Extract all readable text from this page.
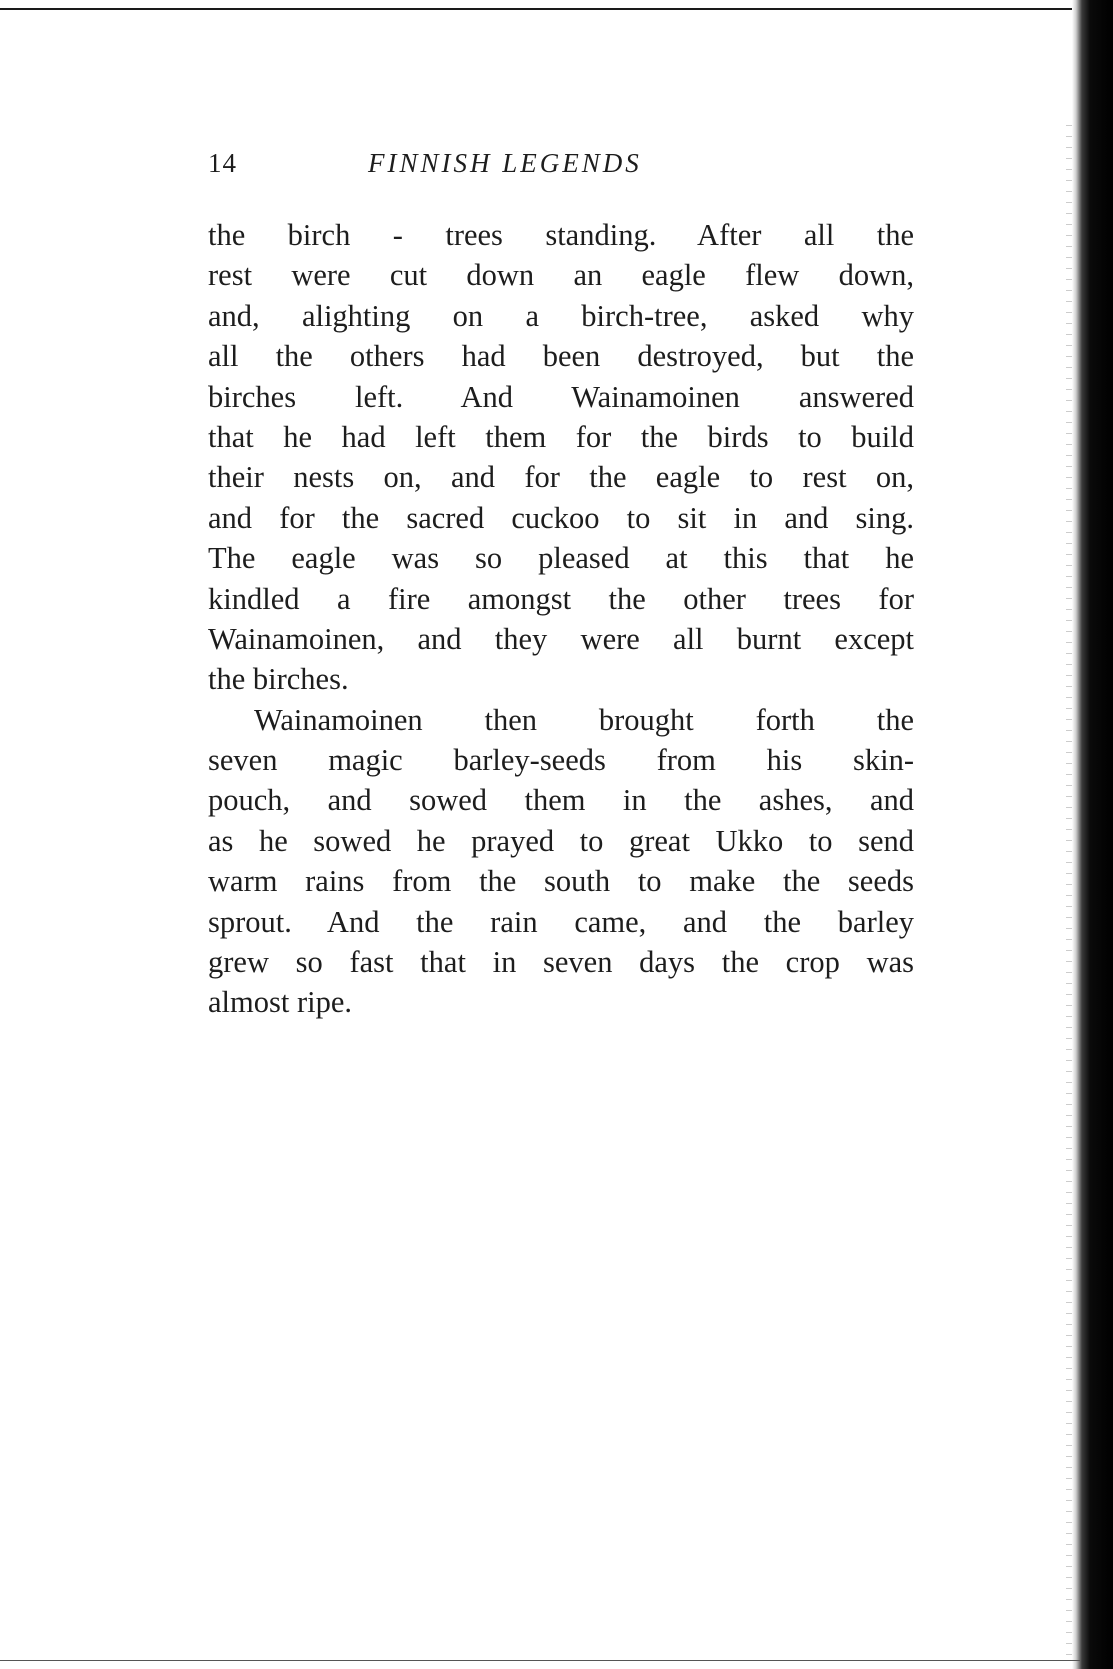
14	FINNISH LEGENDS
the birch - trees standing. After all the
rest were cut down an eagle flew down,
and, alighting on a birch-tree, asked why
all the others had been destroyed, but the
birches left. And Wainamoinen answered
that he had left them for the birds to build
their nests on, and for the eagle to rest on,
and for the sacred cuckoo to sit in and sing.
The eagle was so pleased at this that he
kindled a fire amongst the other trees for
Wainamoinen, and they were all burnt except
the birches.
Wainamoinen then brought forth the
seven magic barley-seeds from his skin-
pouch, and sowed them in the ashes, and
as he sowed he prayed to great Ukko to send
warm rains from the south to make the seeds
sprout. And the rain came, and the barley
grew so fast that in seven days the crop was
almost ripe.
